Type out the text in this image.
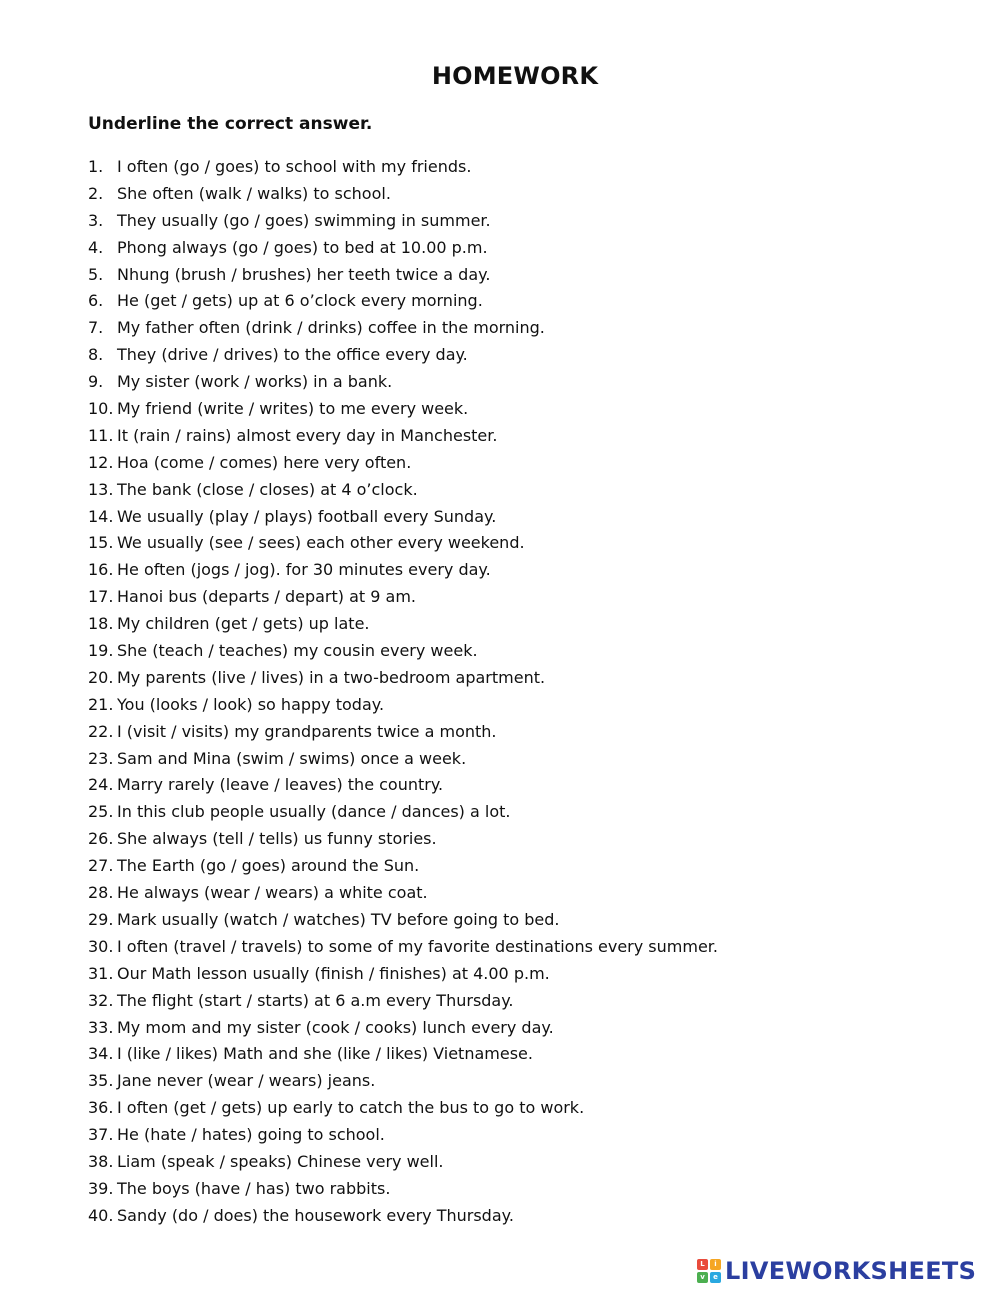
HOMEWORK

Underline the correct answer.

1. I often (go / goes) to school with my friends.
2. She often (walk / walks) to school.
3. They usually (go / goes) swimming in summer.
4. Phong always (go / goes) to bed at 10.00 p.m.
5. Nhung (brush / brushes) her teeth twice a day.
6. He (get / gets) up at 6 o’clock every morning.
7. My father often (drink / drinks) coffee in the morning.
8. They (drive / drives) to the office every day.
9. My sister (work / works) in a bank.
10. My friend (write / writes) to me every week.
11. It (rain / rains) almost every day in Manchester.
12. Hoa (come / comes) here very often.
13. The bank (close / closes) at 4 o’clock.
14. We usually (play / plays) football every Sunday.
15. We usually (see / sees) each other every weekend.
16. He often (jogs / jog). for 30 minutes every day.
17. Hanoi bus (departs / depart) at 9 am.
18. My children (get / gets) up late.
19. She (teach / teaches) my cousin every week.
20. My parents (live / lives) in a two-bedroom apartment.
21. You (looks / look) so happy today.
22. I (visit / visits) my grandparents twice a month.
23. Sam and Mina (swim / swims) once a week.
24. Marry rarely (leave / leaves) the country.
25. In this club people usually (dance / dances) a lot.
26. She always (tell / tells) us funny stories.
27. The Earth (go / goes) around the Sun.
28. He always (wear / wears) a white coat.
29. Mark usually (watch / watches) TV before going to bed.
30. I often (travel / travels) to some of my favorite destinations every summer.
31. Our Math lesson usually (finish / finishes) at 4.00 p.m.
32. The flight (start / starts) at 6 a.m every Thursday.
33. My mom and my sister (cook / cooks) lunch every day.
34. I (like / likes) Math and she (like / likes) Vietnamese.
35. Jane never (wear / wears) jeans.
36. I often (get / gets) up early to catch the bus to go to work.
37. He (hate / hates) going to school.
38. Liam (speak / speaks) Chinese very well.
39. The boys (have / has) two rabbits.
40. Sandy (do / does) the housework every Thursday.
L	i
v	e LIVEWORKSHEETS
